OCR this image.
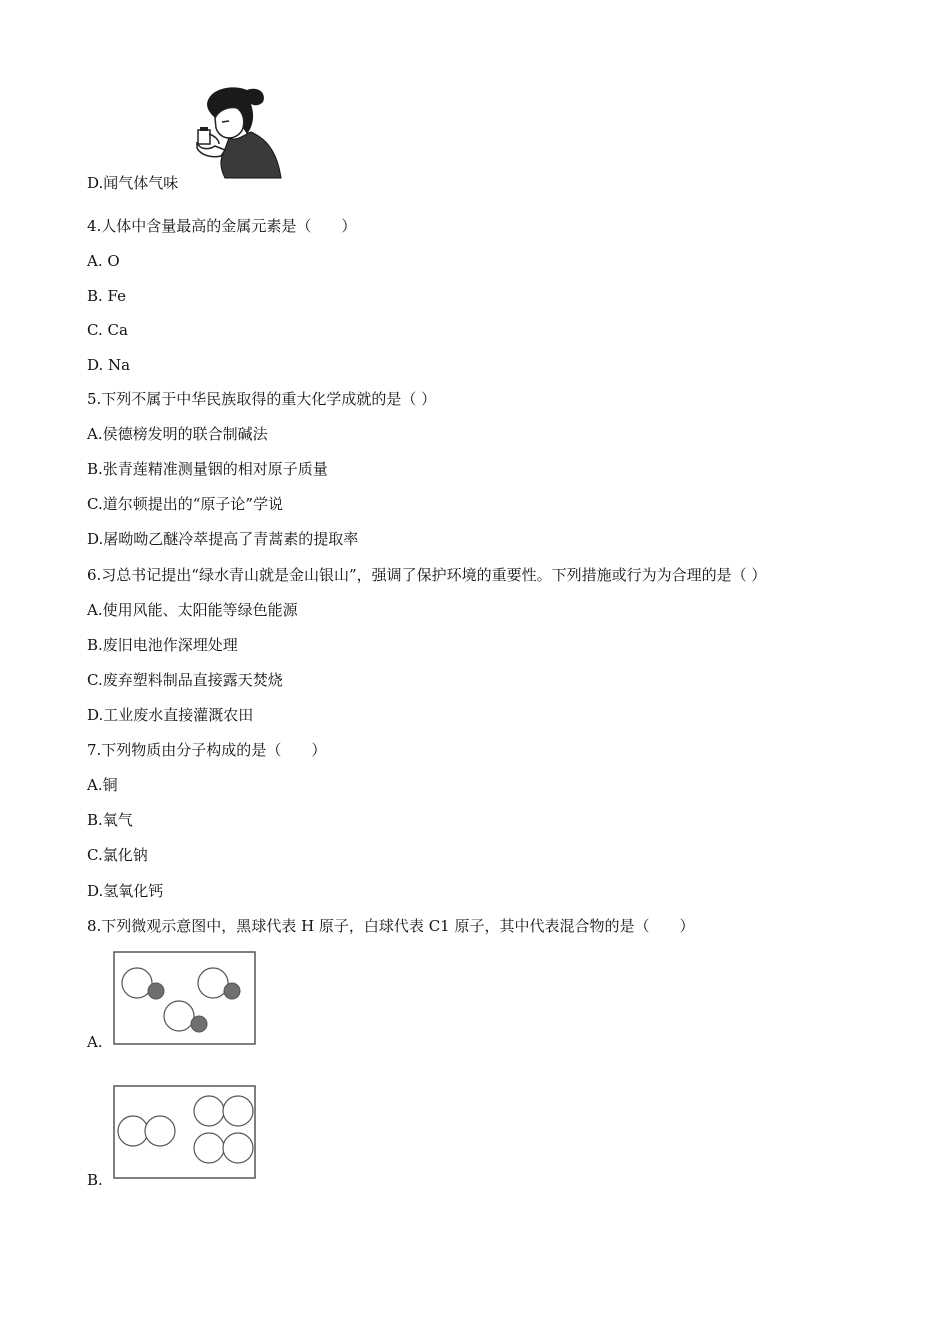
D.闻气体气味
4.人体中含量最高的金属元素是（　　）
A. O
B. Fe
C. Ca
D. Na
5.下列不属于中华民族取得的重大化学成就的是（ ）
A.侯德榜发明的联合制碱法
B.张青莲精准测量铟的相对原子质量
C.道尔顿提出的“原子论”学说
D.屠呦呦乙醚冷萃提高了青蒿素的提取率
6.习总书记提出“绿水青山就是金山银山”，强调了保护环境的重要性。下列措施或行为为合理的是（ ）
A.使用风能、太阳能等绿色能源
B.废旧电池作深埋处理
C.废弃塑料制品直接露天焚烧
D.工业废水直接灌溉农田
7.下列物质由分子构成的是（　　）
A.铜
B.氧气
C.氯化钠
D.氢氧化钙
8.下列微观示意图中，黑球代表 H 原子，白球代表 C1 原子，其中代表混合物的是（　　）
A.
B.
